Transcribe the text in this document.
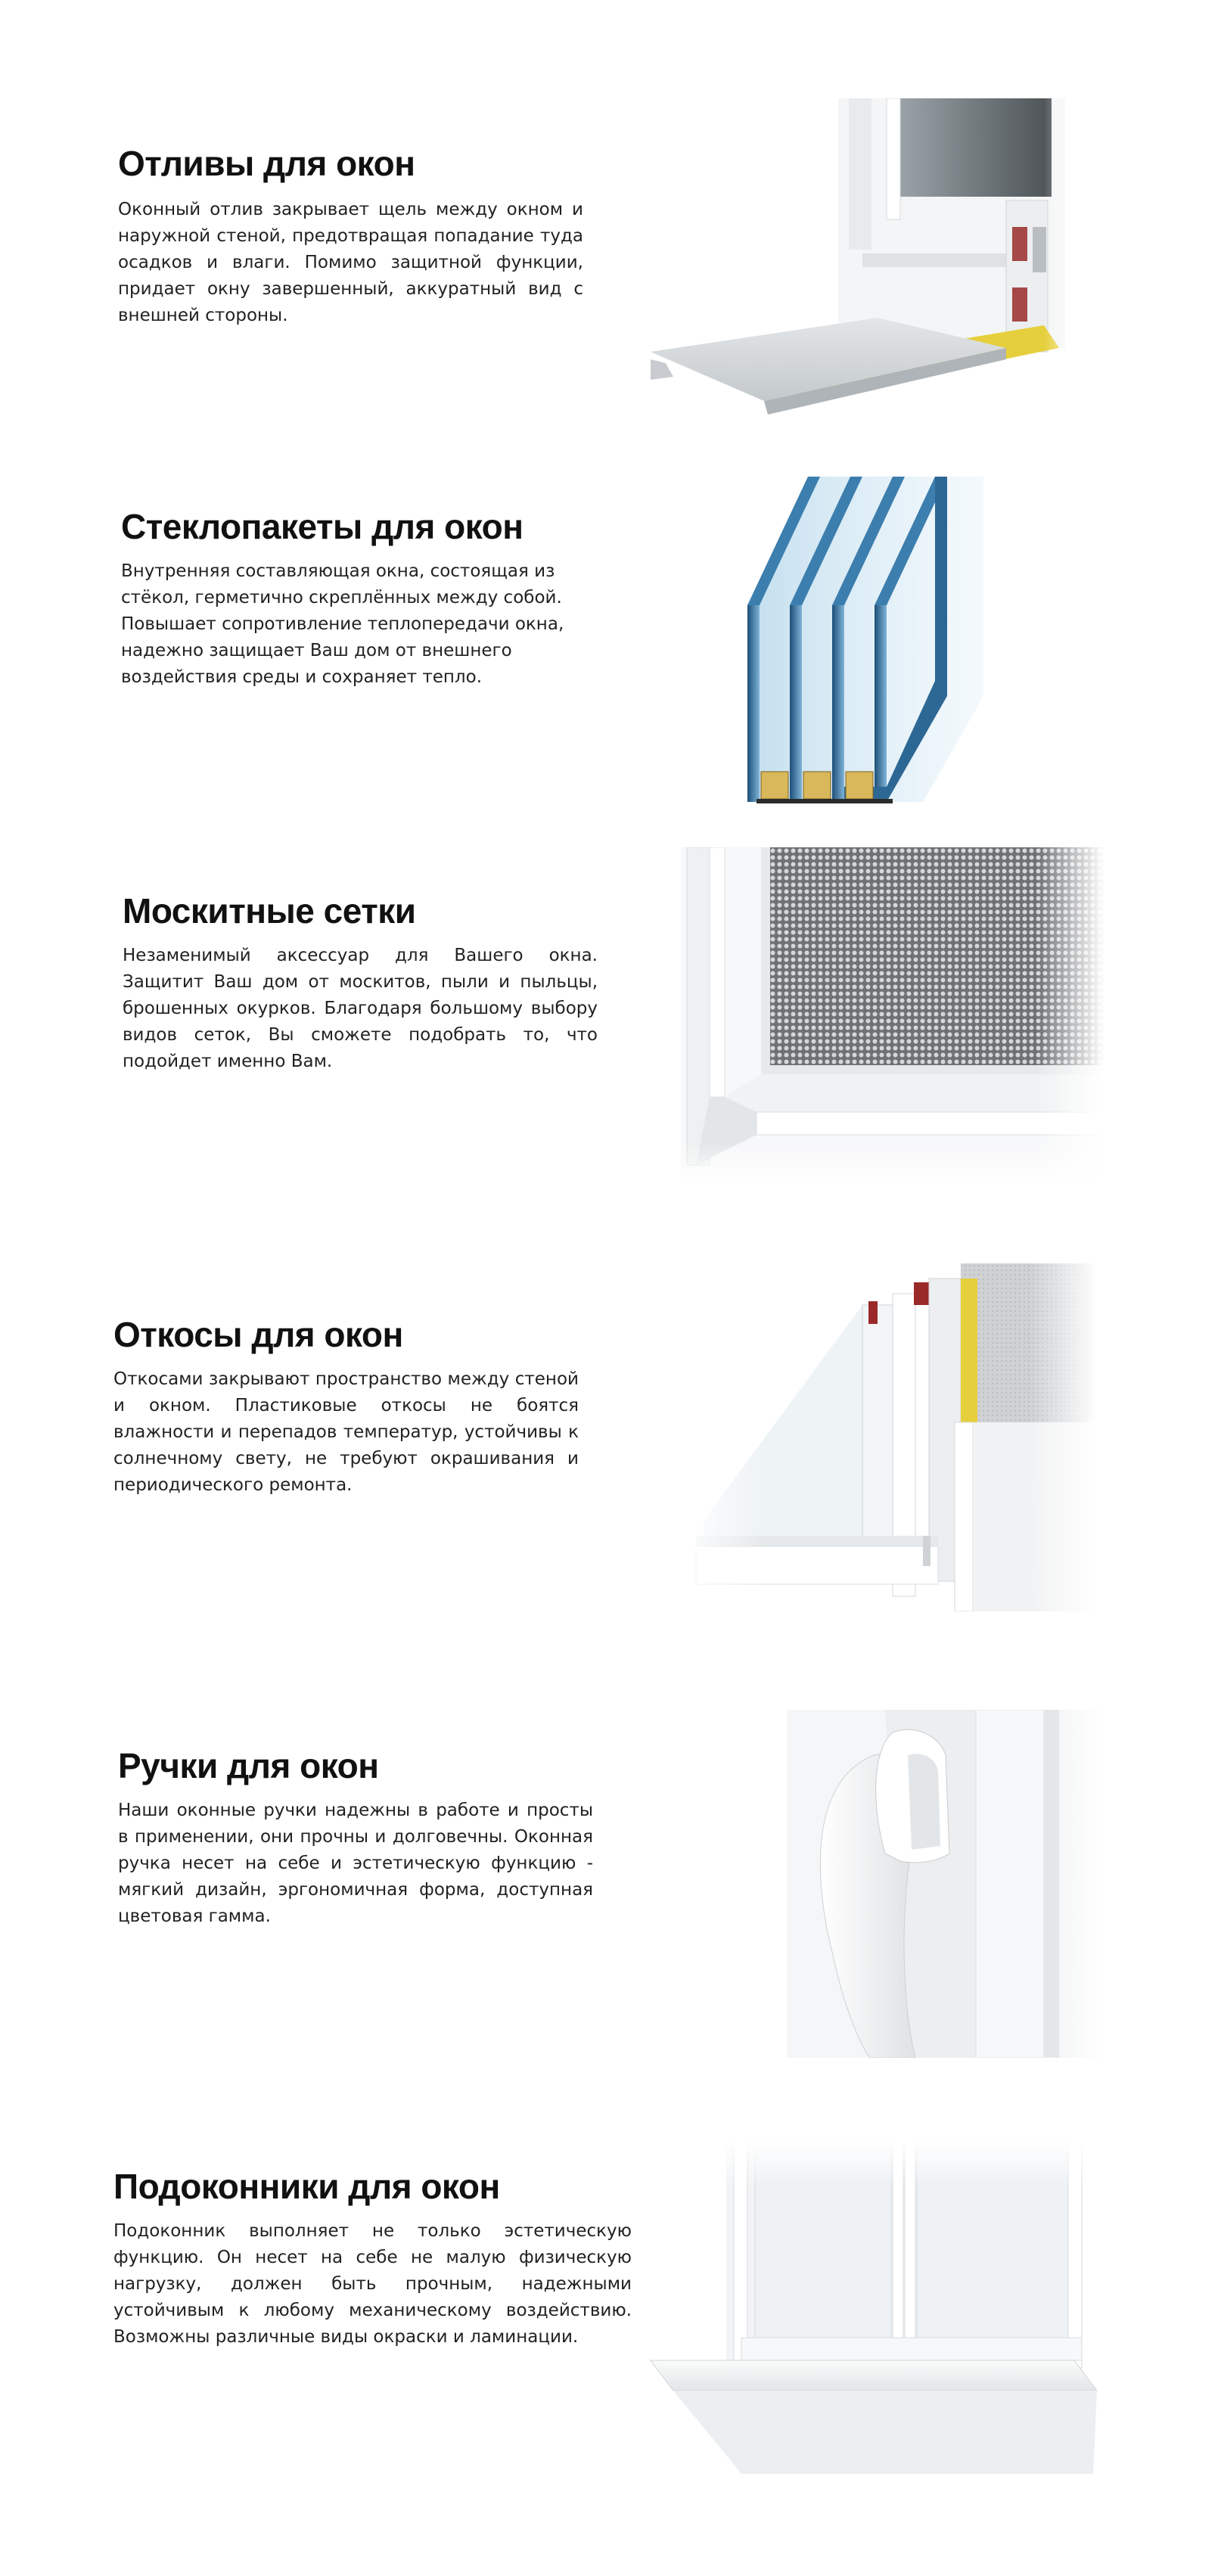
Отливы для окон

Оконный отлив закрывает щель между окном и наружной стеной, предотвращая попадание туда осадков и влаги. Помимо защитной функции, придает окну завершенный, аккуратный вид с внешней стороны.

Стеклопакеты для окон

Внутренняя составляющая окна, состоящая из стёкол, герметично скреплённых между собой. Повышает сопротивление теплопередачи окна, надежно защищает Ваш дом от внешнего воздействия среды и сохраняет тепло.

Москитные сетки

Незаменимый аксессуар для Вашего окна. Защитит Ваш дом от москитов, пыли и пыльцы, брошенных окурков. Благодаря большому выбору видов сеток, Вы сможете подобрать то, что подойдет именно Вам.

Откосы для окон

Откосами закрывают пространство между стеной и окном. Пластиковые откосы не боятся влажности и перепадов температур, устойчивы к солнечному свету, не требуют окрашивания и периодического ремонта.

Ручки для окон

Наши оконные ручки надежны в работе и просты в применении, они прочны и долговечны. Оконная ручка несет на себе и эстетическую функцию - мягкий дизайн, эргономичная форма, доступная цветовая гамма.

Подоконники для окон

Подоконник выполняет не только эстетическую функцию. Он несет на себе не малую физическую нагрузку, должен быть прочным, надежными устойчивым к любому механическому воздействию. Возможны различные виды окраски и ламинации.
